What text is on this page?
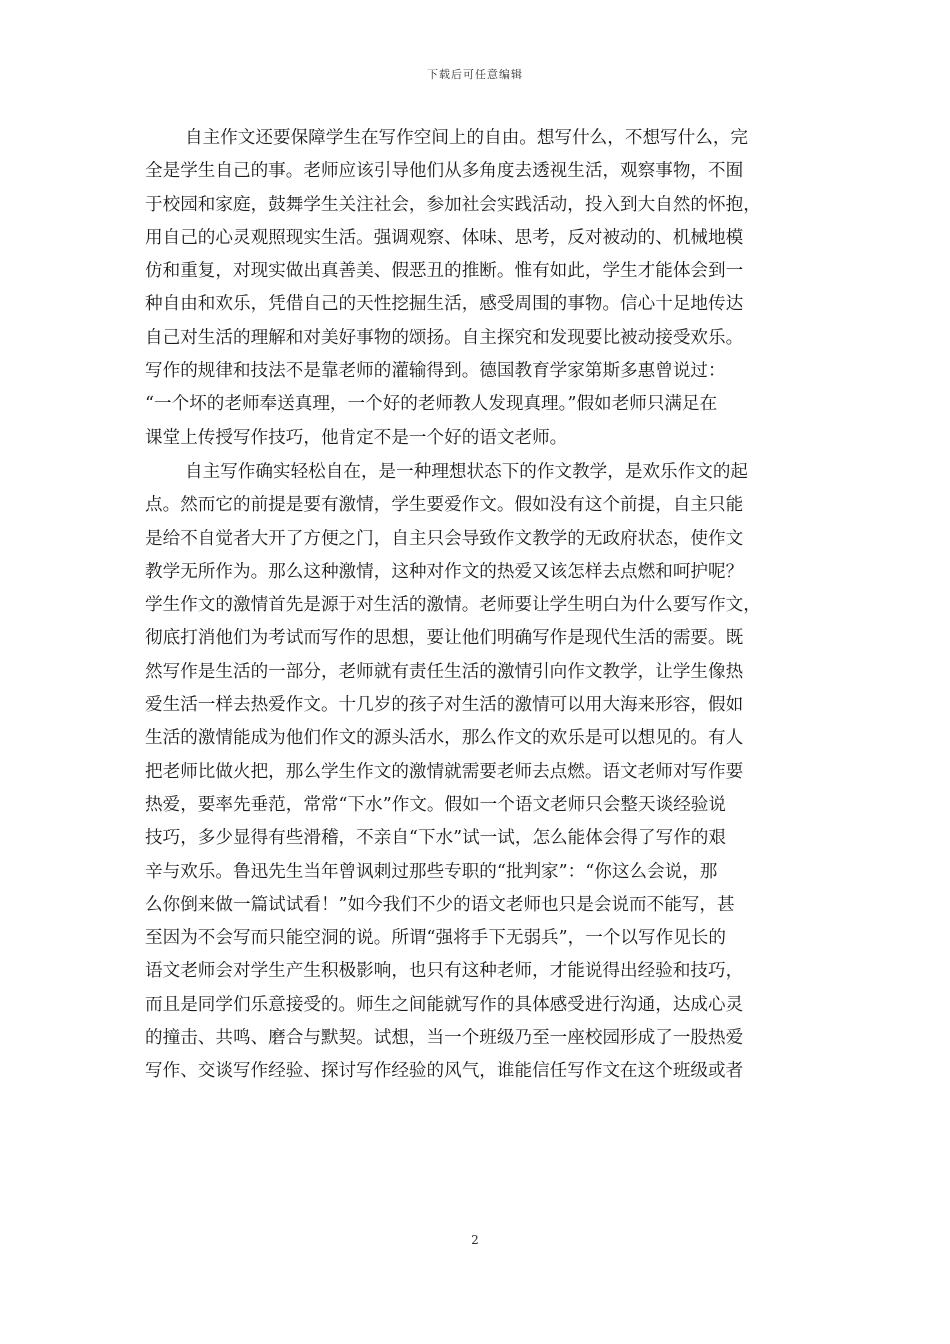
下载后可任意编辑
自主作文还要保障学生在写作空间上的自由。想写什么，不想写什么，完
全是学生自己的事。老师应该引导他们从多角度去透视生活，观察事物，不囿
于校园和家庭，鼓舞学生关注社会，参加社会实践活动，投入到大自然的怀抱，
用自己的心灵观照现实生活。强调观察、体味、思考，反对被动的、机械地模
仿和重复，对现实做出真善美、假恶丑的推断。惟有如此，学生才能体会到一
种自由和欢乐，凭借自己的天性挖掘生活，感受周围的事物。信心十足地传达
自己对生活的理解和对美好事物的颂扬。自主探究和发现要比被动接受欢乐。
写作的规律和技法不是靠老师的灌输得到。德国教育学家第斯多惠曾说过：
“一个坏的老师奉送真理，一个好的老师教人发现真理。”假如老师只满足在
课堂上传授写作技巧，他肯定不是一个好的语文老师。
自主写作确实轻松自在，是一种理想状态下的作文教学，是欢乐作文的起
点。然而它的前提是要有激情，学生要爱作文。假如没有这个前提，自主只能
是给不自觉者大开了方便之门，自主只会导致作文教学的无政府状态，使作文
教学无所作为。那么这种激情，这种对作文的热爱又该怎样去点燃和呵护呢？
学生作文的激情首先是源于对生活的激情。老师要让学生明白为什么要写作文，
彻底打消他们为考试而写作的思想，要让他们明确写作是现代生活的需要。既
然写作是生活的一部分，老师就有责任生活的激情引向作文教学，让学生像热
爱生活一样去热爱作文。十几岁的孩子对生活的激情可以用大海来形容，假如
生活的激情能成为他们作文的源头活水，那么作文的欢乐是可以想见的。有人
把老师比做火把，那么学生作文的激情就需要老师去点燃。语文老师对写作要
热爱，要率先垂范，常常“下水”作文。假如一个语文老师只会整天谈经验说
技巧，多少显得有些滑稽，不亲自“下水”试一试，怎么能体会得了写作的艰
辛与欢乐。鲁迅先生当年曾讽刺过那些专职的“批判家”：“你这么会说，那
么你倒来做一篇试试看！”如今我们不少的语文老师也只是会说而不能写，甚
至因为不会写而只能空洞的说。所谓“强将手下无弱兵”，一个以写作见长的
语文老师会对学生产生积极影响，也只有这种老师，才能说得出经验和技巧，
而且是同学们乐意接受的。师生之间能就写作的具体感受进行沟通，达成心灵
的撞击、共鸣、磨合与默契。试想，当一个班级乃至一座校园形成了一股热爱
写作、交谈写作经验、探讨写作经验的风气，谁能信任写作文在这个班级或者
2
